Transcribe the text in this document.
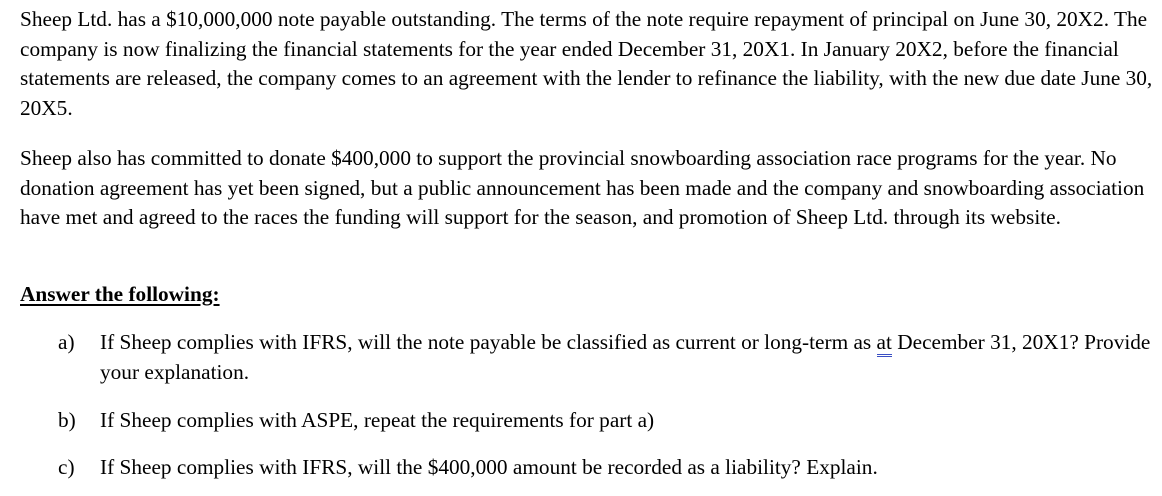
Sheep Ltd. has a $10,000,000 note payable outstanding. The terms of the note require repayment of principal on June 30, 20X2. The company is now finalizing the financial statements for the year ended December 31, 20X1. In January 20X2, before the financial statements are released, the company comes to an agreement with the lender to refinance the liability, with the new due date June 30, 20X5.

Sheep also has committed to donate $400,000 to support the provincial snowboarding association race programs for the year. No donation agreement has yet been signed, but a public announcement has been made and the company and snowboarding association have met and agreed to the races the funding will support for the season, and promotion of Sheep Ltd. through its website.

Answer the following:

a) If Sheep complies with IFRS, will the note payable be classified as current or long-term as at December 31, 20X1? Provide your explanation.
b) If Sheep complies with ASPE, repeat the requirements for part a)
c) If Sheep complies with IFRS, will the $400,000 amount be recorded as a liability? Explain.
